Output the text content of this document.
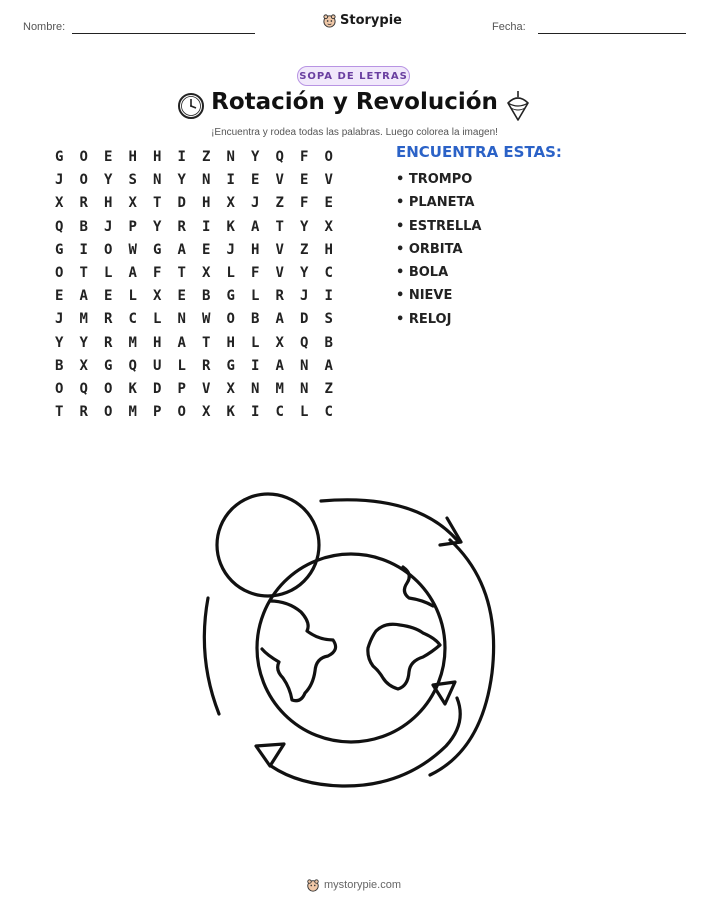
Nombre:	Fecha:
Storypie
SOPA DE LETRAS
Rotación y Revolución
¡Encuentra y rodea todas las palabras. Luego colorea la imagen!
G	O	E	H	H	I	Z	N	Y	Q	F	O
J	O	Y	S	N	Y	N	I	E	V	E	V
X	R	H	X	T	D	H	X	J	Z	F	E
Q	B	J	P	Y	R	I	K	A	T	Y	X
G	I	O	W	G	A	E	J	H	V	Z	H
O	T	L	A	F	T	X	L	F	V	Y	C
E	A	E	L	X	E	B	G	L	R	J	I
J	M	R	C	L	N	W	O	B	A	D	S
Y	Y	R	M	H	A	T	H	L	X	Q	B
B	X	G	Q	U	L	R	G	I	A	N	A
O	Q	O	K	D	P	V	X	N	M	N	Z
T	R	O	M	P	O	X	K	I	C	L	C
ENCUENTRA ESTAS:
• TROMPO
• PLANETA
• ESTRELLA
• ORBITA
• BOLA
• NIEVE
• RELOJ
mystorypie.com
